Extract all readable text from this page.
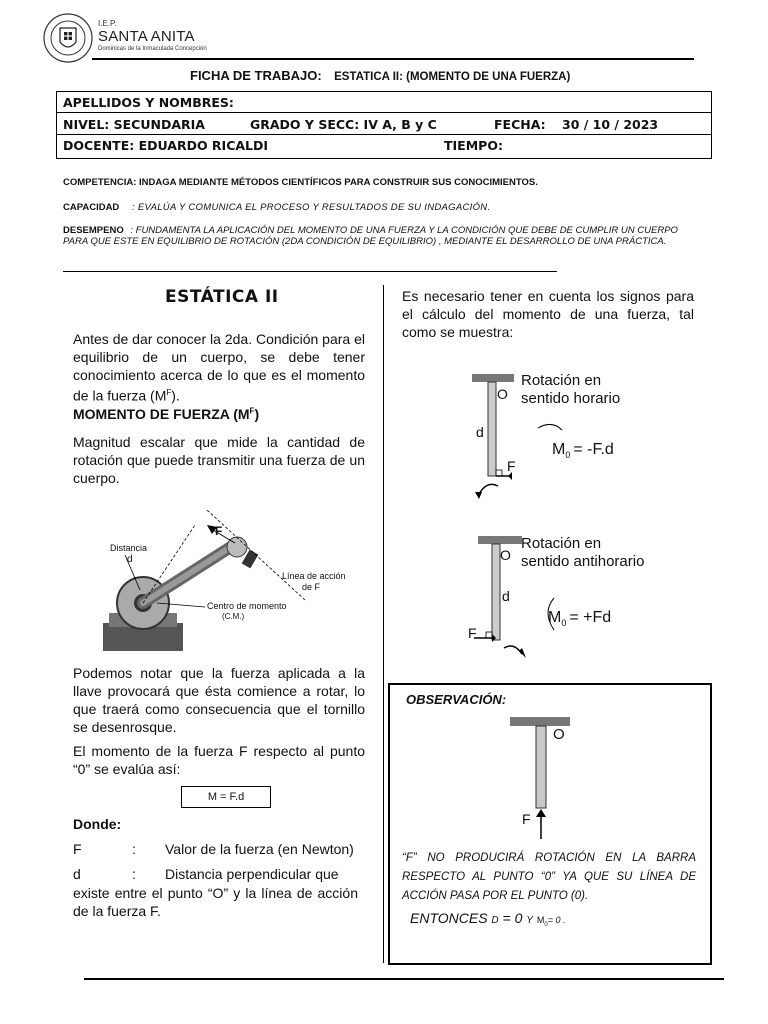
I.E.P.
SANTA ANITA
Dominicas de la Inmaculada Concepción
FICHA DE TRABAJO: ESTATICA II: (MOMENTO DE UNA FUERZA)
APELLIDOS Y NOMBRES:
NIVEL: SECUNDARIA	GRADO Y SECC: IV A, B y C	FECHA: 30 / 10 / 2023
DOCENTE: EDUARDO RICALDI	TIEMPO:
COMPETENCIA: INDAGA MEDIANTE MÉTODOS CIENTÍFICOS PARA CONSTRUIR SUS CONOCIMIENTOS.
CAPACIDAD : EVALÚA Y COMUNICA EL PROCESO Y RESULTADOS DE SU INDAGACIÓN.
DESEMPENO : FUNDAMENTA LA APLICACIÓN DEL MOMENTO DE UNA FUERZA Y LA CONDICIÓN QUE DEBE DE CUMPLIR UN CUERPO PARA QUE ESTE EN EQUILIBRIO DE ROTACIÓN (2DA CONDICIÓN DE EQUILIBRIO) , MEDIANTE EL DESARROLLO DE UNA PRÁCTICA.
ESTÁTICA II
Antes de dar conocer la 2da. Condición para el equilibrio de un cuerpo, se debe tener conocimiento acerca de lo que es el momento de la fuerza $(M^F)$.
MOMENTO DE FUERZA $(M^F)$
Magnitud escalar que mide la cantidad de rotación que puede transmitir una fuerza de un cuerpo.
Distancia
d
F
Línea de acción
de F
Centro de momento
(C.M.)
Podemos notar que la fuerza aplicada a la llave provocará que ésta comience a rotar, lo que traerá como consecuencia que el tornillo se desenrosque.
El momento de la fuerza F respecto al punto “0” se evalúa así:
M = F.d
Donde:
F	: Valor de la fuerza (en Newton)
d	: Distancia perpendicular que
existe entre el punto “O” y la línea de acción de la fuerza F.
Es necesario tener en cuenta los signos para el cálculo del momento de una fuerza, tal como se muestra:
Rotación en
sentido horario
O
d
F
$M_0 = -F.d$
Rotación en
sentido antihorario
O
d
F
$M_0 = +Fd$
OBSERVACIÓN:
O
F
“F” NO PRODUCIRÁ ROTACIÓN EN LA BARRA RESPECTO AL PUNTO “0” YA QUE SU LÍNEA DE ACCIÓN PASA POR EL PUNTO (0).
ENTONCES d = 0 y $M_0= 0$ .
